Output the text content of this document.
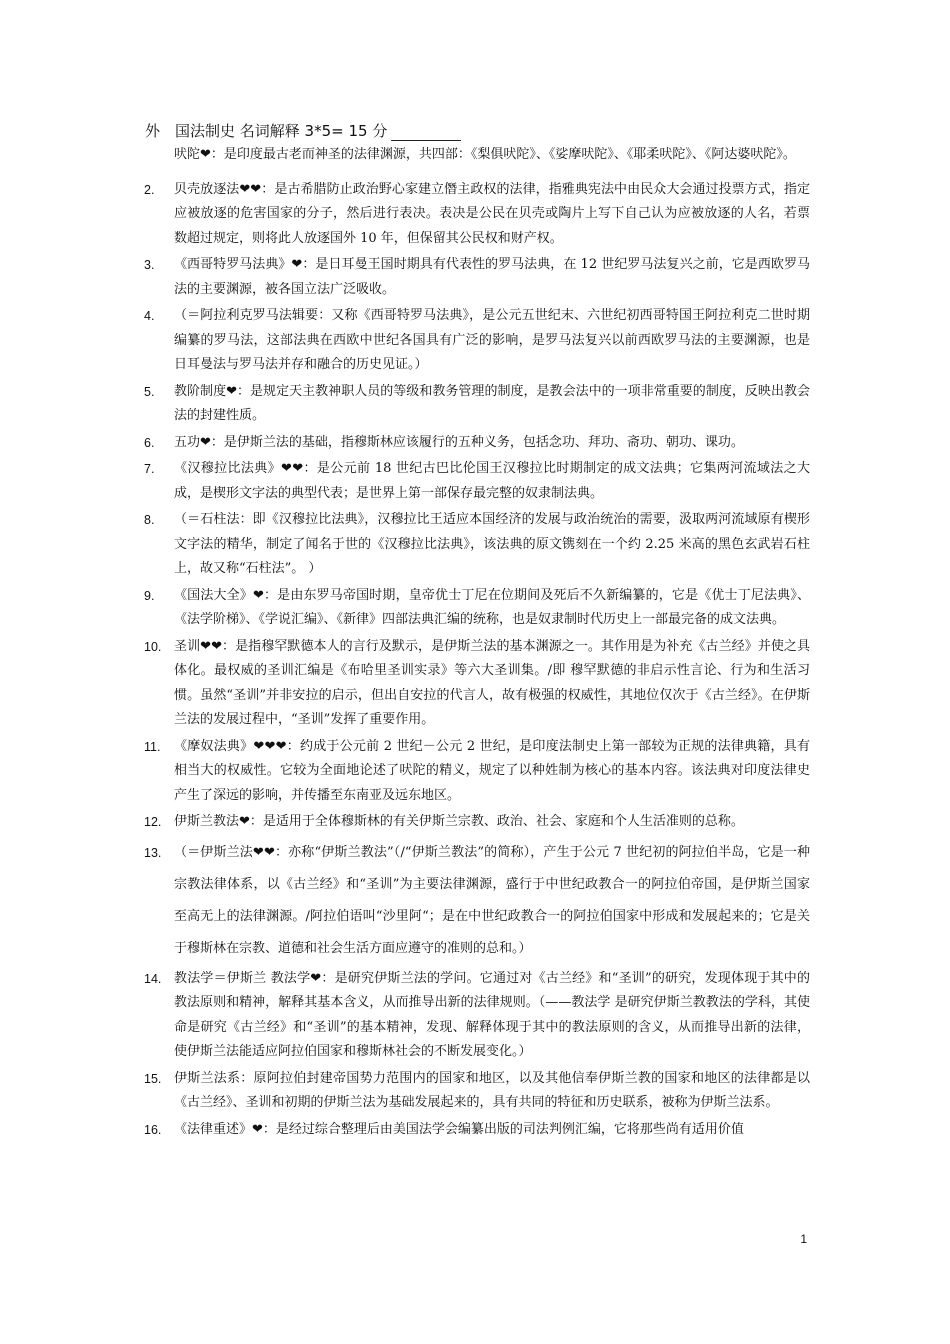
外　国法制史 名词解释 3*5= 15 分

吠陀❤：是印度最古老而神圣的法律渊源，共四部：《梨俱吠陀》、《娑摩吠陀》、《耶柔吠陀》、《阿达婆吠陀》。

2. 贝壳放逐法❤❤：是古希腊防止政治野心家建立僭主政权的法律，指雅典宪法中由民众大会通过投票方式，指定应被放逐的危害国家的分子，然后进行表决。表决是公民在贝壳或陶片上写下自己认为应被放逐的人名，若票数超过规定，则将此人放逐国外 10 年，但保留其公民权和财产权。

3. 《西哥特罗马法典》❤：是日耳曼王国时期具有代表性的罗马法典，在 12 世纪罗马法复兴之前，它是西欧罗马法的主要渊源，被各国立法广泛吸收。

4. （＝阿拉利克罗马法辑要：又称《西哥特罗马法典》，是公元五世纪末、六世纪初西哥特国王阿拉利克二世时期编纂的罗马法，这部法典在西欧中世纪各国具有广泛的影响，是罗马法复兴以前西欧罗马法的主要渊源，也是日耳曼法与罗马法并存和融合的历史见证。）

5. 教阶制度❤：是规定天主教神职人员的等级和教务管理的制度，是教会法中的一项非常重要的制度，反映出教会法的封建性质。

6. 五功❤：是伊斯兰法的基础，指穆斯林应该履行的五种义务，包括念功、拜功、斋功、朝功、课功。

7. 《汉穆拉比法典》❤❤：是公元前 18 世纪古巴比伦国王汉穆拉比时期制定的成文法典；它集两河流域法之大成，是楔形文字法的典型代表；是世界上第一部保存最完整的奴隶制法典。

8. （＝石柱法：即《汉穆拉比法典》，汉穆拉比王适应本国经济的发展与政治统治的需要，汲取两河流域原有楔形文字法的精华，制定了闻名于世的《汉穆拉比法典》，该法典的原文镌刻在一个约 2.25 米高的黑色玄武岩石柱上，故又称“石柱法”。 ）

9. 《国法大全》❤：是由东罗马帝国时期，皇帝优士丁尼在位期间及死后不久新编纂的，它是《优士丁尼法典》、《法学阶梯》、《学说汇编》、《新律》四部法典汇编的统称，也是奴隶制时代历史上一部最完备的成文法典。

10. 圣训❤❤：是指穆罕默德本人的言行及默示，是伊斯兰法的基本渊源之一。其作用是为补充《古兰经》并使之具体化。最权威的圣训汇编是《布哈里圣训实录》等六大圣训集。/即 穆罕默德的非启示性言论、行为和生活习惯。虽然“圣训”并非安拉的启示，但出自安拉的代言人，故有极强的权威性，其地位仅次于《古兰经》。在伊斯兰法的发展过程中，“圣训”发挥了重要作用。

11. 《摩奴法典》❤❤❤：约成于公元前 2 世纪－公元 2 世纪，是印度法制史上第一部较为正规的法律典籍，具有相当大的权威性。它较为全面地论述了吠陀的精义，规定了以种姓制为核心的基本内容。该法典对印度法律史产生了深远的影响，并传播至东南亚及远东地区。

12. 伊斯兰教法❤：是适用于全体穆斯林的有关伊斯兰宗教、政治、社会、家庭和个人生活准则的总称。

13. （＝伊斯兰法❤❤：亦称“伊斯兰教法”（/“伊斯兰教法”的简称），产生于公元 7 世纪初的阿拉伯半岛，它是一种宗教法律体系，以《古兰经》和“圣训”为主要法律渊源，盛行于中世纪政教合一的阿拉伯帝国，是伊斯兰国家至高无上的法律渊源。/阿拉伯语叫“沙里阿“；是在中世纪政教合一的阿拉伯国家中形成和发展起来的；它是关于穆斯林在宗教、道德和社会生活方面应遵守的准则的总和。）

14. 教法学＝伊斯兰 教法学❤：是研究伊斯兰法的学问。它通过对《古兰经》和“圣训”的研究，发现体现于其中的教法原则和精神，解释其基本含义，从而推导出新的法律规则。（——教法学 是研究伊斯兰教教法的学科，其使命是研究《古兰经》和“圣训”的基本精神，发现、解释体现于其中的教法原则的含义，从而推导出新的法律，使伊斯兰法能适应阿拉伯国家和穆斯林社会的不断发展变化。）

15. 伊斯兰法系：原阿拉伯封建帝国势力范围内的国家和地区，以及其他信奉伊斯兰教的国家和地区的法律都是以《古兰经》、圣训和初期的伊斯兰法为基础发展起来的，具有共同的特征和历史联系，被称为伊斯兰法系。

16. 《法律重述》❤：是经过综合整理后由美国法学会编纂出版的司法判例汇编，它将那些尚有适用价值

1
